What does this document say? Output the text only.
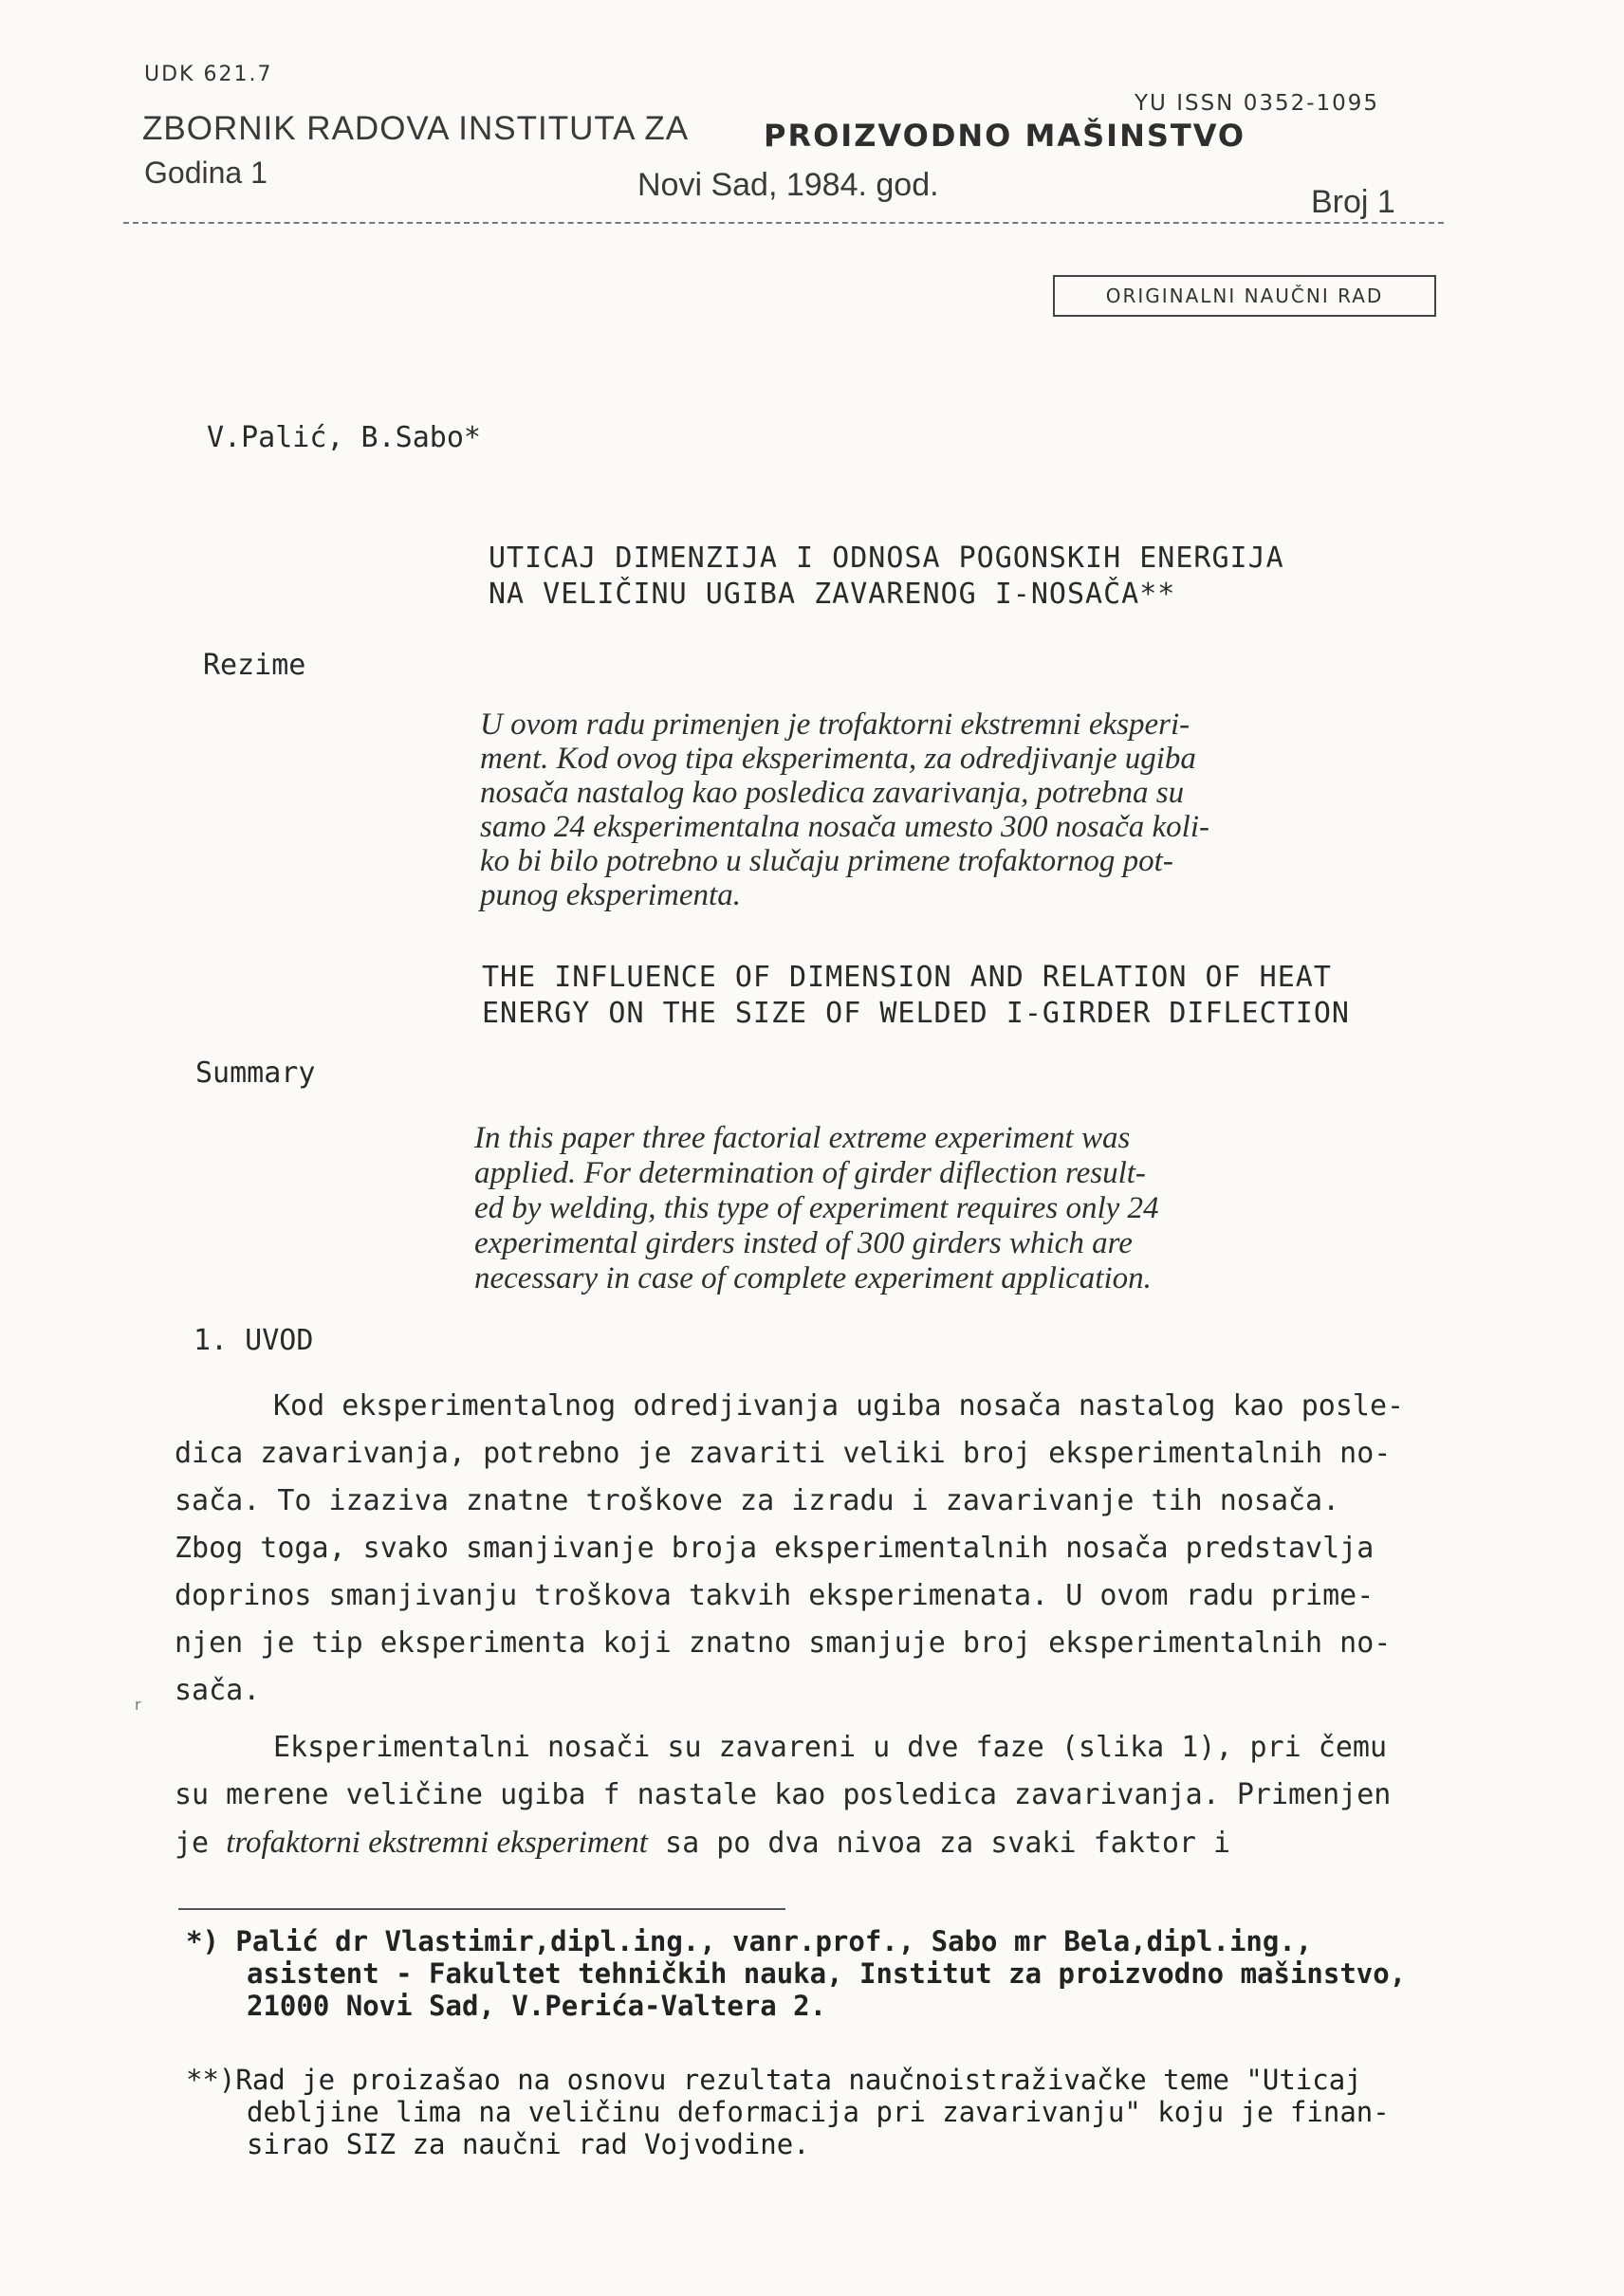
UDK 621.7
YU ISSN 0352-1095
ZBORNIK RADOVA INSTITUTA ZA PROIZVODNO MAŠINSTVO
Godina 1	Novi Sad, 1984. god.	Broj 1
ORIGINALNI NAUČNI RAD
V.Palić, B.Sabo*
UTICAJ DIMENZIJA I ODNOSA POGONSKIH ENERGIJA
NA VELIČINU UGIBA ZAVARENOG I-NOSAČA**
Rezime
U ovom radu primenjen je trofaktorni ekstremni eksperi-
ment. Kod ovog tipa eksperimenta, za odredjivanje ugiba
nosača nastalog kao posledica zavarivanja, potrebna su
samo 24 eksperimentalna nosača umesto 300 nosača koli-
ko bi bilo potrebno u slučaju primene trofaktornog pot-
punog eksperimenta.
THE INFLUENCE OF DIMENSION AND RELATION OF HEAT
ENERGY ON THE SIZE OF WELDED I-GIRDER DIFLECTION
Summary
In this paper three factorial extreme experiment was
applied. For determination of girder diflection result-
ed by welding, this type of experiment requires only 24
experimental girders insted of 300 girders which are
necessary in case of complete experiment application.
1. UVOD
Kod eksperimentalnog odredjivanja ugiba nosača nastalog kao posle-
dica zavarivanja, potrebno je zavariti veliki broj eksperimentalnih no-
sača. To izaziva znatne troškove za izradu i zavarivanje tih nosača.
Zbog toga, svako smanjivanje broja eksperimentalnih nosača predstavlja
doprinos smanjivanju troškova takvih eksperimenata. U ovom radu prime-
njen je tip eksperimenta koji znatno smanjuje broj eksperimentalnih no-
sača.
Eksperimentalni nosači su zavareni u dve faze (slika 1), pri čemu
su merene veličine ugiba f nastale kao posledica zavarivanja. Primenjen
je trofaktorni ekstremni eksperiment sa po dva nivoa za svaki faktor i
r
*) Palić dr Vlastimir,dipl.ing., vanr.prof., Sabo mr Bela,dipl.ing.,
asistent - Fakultet tehničkih nauka, Institut za proizvodno mašinstvo,
21000 Novi Sad, V.Perića-Valtera 2.
**)Rad je proizašao na osnovu rezultata naučnoistraživačke teme "Uticaj
debljine lima na veličinu deformacija pri zavarivanju" koju je finan-
sirao SIZ za naučni rad Vojvodine.
